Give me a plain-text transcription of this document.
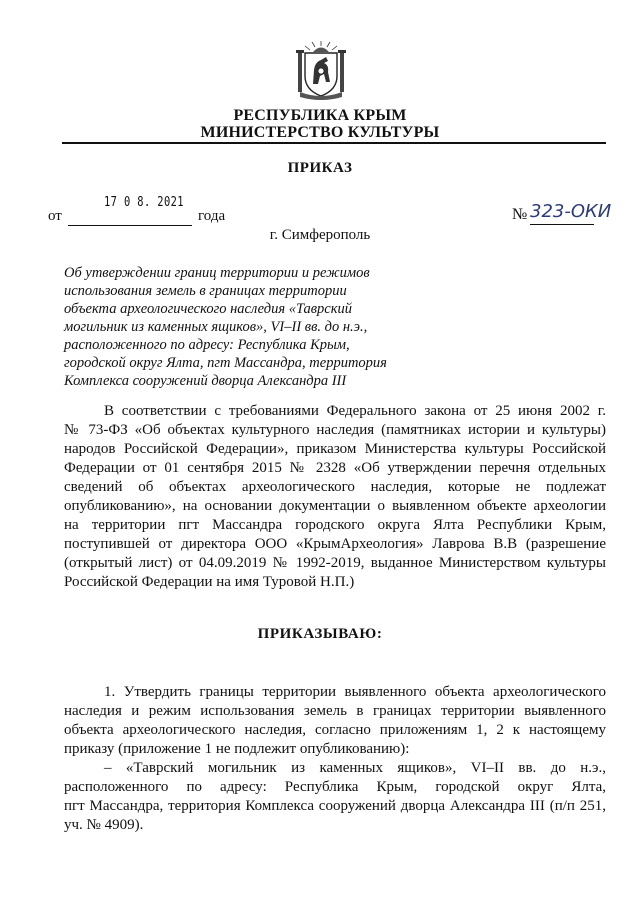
РЕСПУБЛИКА КРЫМ
МИНИСТЕРСТВО КУЛЬТУРЫ
ПРИКАЗ
17 0 8. 2021
от	года	№ 323-ОКИ
г. Симферополь
Об утверждении границ территории и режимов
использования земель в границах территории
объекта археологического наследия «Таврский
могильник из каменных ящиков», VI–II вв. до н.э.,
расположенного по адресу: Республика Крым,
городской округ Ялта, пгт Массандра, территория
Комплекса сооружений дворца Александра III
В соответствии с требованиями Федерального закона от 25 июня 2002 г.
№ 73-ФЗ «Об объектах культурного наследия (памятниках истории и культуры)
народов Российской Федерации», приказом Министерства культуры Российской
Федерации от 01 сентября 2015 № 2328 «Об утверждении перечня отдельных
сведений об объектах археологического наследия, которые не подлежат
опубликованию», на основании документации о выявленном объекте археологии
на территории пгт Массандра городского округа Ялта Республики Крым,
поступившей от директора ООО «КрымАрхеология» Лаврова В.В (разрешение
(открытый лист) от 04.09.2019 № 1992-2019, выданное Министерством культуры
Российской Федерации на имя Туровой Н.П.)
ПРИКАЗЫВАЮ:
1. Утвердить границы территории выявленного объекта археологического
наследия и режим использования земель в границах территории выявленного
объекта археологического наследия, согласно приложениям 1, 2 к настоящему
приказу (приложение 1 не подлежит опубликованию):
– «Таврский могильник из каменных ящиков», VI–II вв. до н.э.,
расположенного по адресу: Республика Крым, городской округ Ялта,
пгт Массандра, территория Комплекса сооружений дворца Александра III (п/п 251,
уч. № 4909).
